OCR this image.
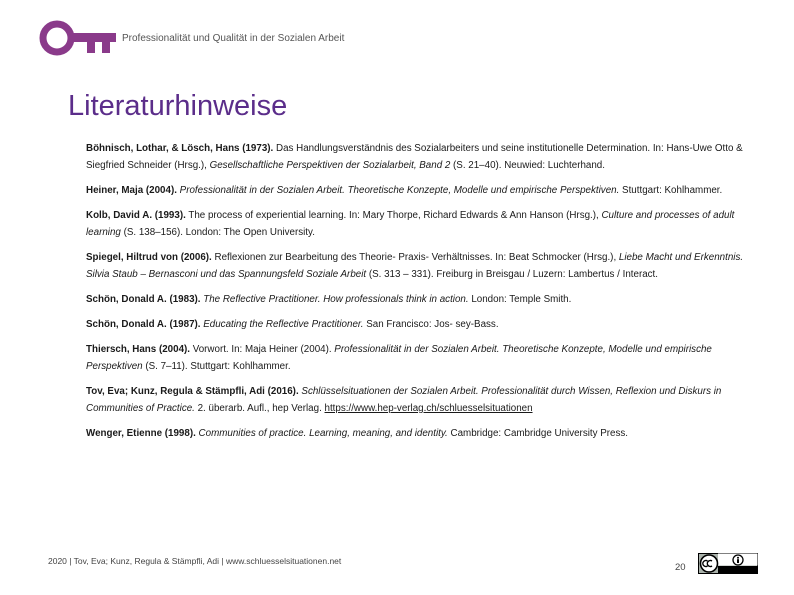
Professionalität und Qualität in der Sozialen Arbeit
Literaturhinweise

Böhnisch, Lothar, & Lösch, Hans (1973). Das Handlungsverständnis des Sozialarbeiters und seine institutionelle Determination. In: Hans-Uwe Otto & Siegfried Schneider (Hrsg.), Gesellschaftliche Perspektiven der Sozialarbeit, Band 2 (S. 21–40). Neuwied: Luchterhand.

Heiner, Maja (2004). Professionalität in der Sozialen Arbeit. Theoretische Konzepte, Modelle und empirische Perspektiven. Stuttgart: Kohlhammer.

Kolb, David A. (1993). The process of experiential learning. In: Mary Thorpe, Richard Edwards & Ann Hanson (Hrsg.), Culture and processes of adult learning (S. 138–156). London: The Open University.

Spiegel, Hiltrud von (2006). Reflexionen zur Bearbeitung des Theorie- Praxis- Verhältnisses. In: Beat Schmocker (Hrsg.), Liebe Macht und Erkenntnis. Silvia Staub – Bernasconi und das Spannungsfeld Soziale Arbeit (S. 313 – 331). Freiburg in Breisgau / Luzern: Lambertus / Interact.

Schön, Donald A. (1983). The Reflective Practitioner. How professionals think in action. London: Temple Smith.

Schön, Donald A. (1987). Educating the Reflective Practitioner. San Francisco: Jos- sey-Bass.

Thiersch, Hans (2004). Vorwort. In: Maja Heiner (2004). Professionalität in der Sozialen Arbeit. Theoretische Konzepte, Modelle und empirische Perspektiven (S. 7–11). Stuttgart: Kohlhammer.

Tov, Eva; Kunz, Regula & Stämpfli, Adi (2016). Schlüsselsituationen der Sozialen Arbeit. Professionalität durch Wissen, Reflexion und Diskurs in Communities of Practice. 2. überarb. Aufl., hep Verlag. https://www.hep-verlag.ch/schluesselsituationen

Wenger, Etienne (1998). Communities of practice. Learning, meaning, and identity. Cambridge: Cambridge University Press.

2020 | Tov, Eva; Kunz, Regula & Stämpfli, Adi | www.schluesselsituationen.net
20
